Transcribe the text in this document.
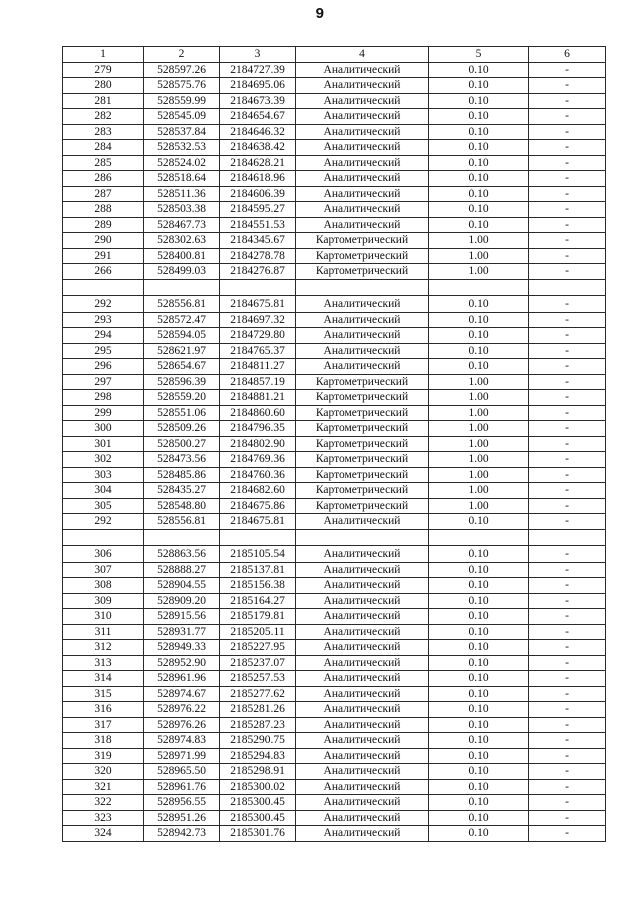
9
1	2	3	4	5	6
279	528597.26	2184727.39	Аналитический	0.10	-
280	528575.76	2184695.06	Аналитический	0.10	-
281	528559.99	2184673.39	Аналитический	0.10	-
282	528545.09	2184654.67	Аналитический	0.10	-
283	528537.84	2184646.32	Аналитический	0.10	-
284	528532.53	2184638.42	Аналитический	0.10	-
285	528524.02	2184628.21	Аналитический	0.10	-
286	528518.64	2184618.96	Аналитический	0.10	-
287	528511.36	2184606.39	Аналитический	0.10	-
288	528503.38	2184595.27	Аналитический	0.10	-
289	528467.73	2184551.53	Аналитический	0.10	-
290	528302.63	2184345.67	Картометрический	1.00	-
291	528400.81	2184278.78	Картометрический	1.00	-
266	528499.03	2184276.87	Картометрический	1.00	-

292	528556.81	2184675.81	Аналитический	0.10	-
293	528572.47	2184697.32	Аналитический	0.10	-
294	528594.05	2184729.80	Аналитический	0.10	-
295	528621.97	2184765.37	Аналитический	0.10	-
296	528654.67	2184811.27	Аналитический	0.10	-
297	528596.39	2184857.19	Картометрический	1.00	-
298	528559.20	2184881.21	Картометрический	1.00	-
299	528551.06	2184860.60	Картометрический	1.00	-
300	528509.26	2184796.35	Картометрический	1.00	-
301	528500.27	2184802.90	Картометрический	1.00	-
302	528473.56	2184769.36	Картометрический	1.00	-
303	528485.86	2184760.36	Картометрический	1.00	-
304	528435.27	2184682.60	Картометрический	1.00	-
305	528548.80	2184675.86	Картометрический	1.00	-
292	528556.81	2184675.81	Аналитический	0.10	-

306	528863.56	2185105.54	Аналитический	0.10	-
307	528888.27	2185137.81	Аналитический	0.10	-
308	528904.55	2185156.38	Аналитический	0.10	-
309	528909.20	2185164.27	Аналитический	0.10	-
310	528915.56	2185179.81	Аналитический	0.10	-
311	528931.77	2185205.11	Аналитический	0.10	-
312	528949.33	2185227.95	Аналитический	0.10	-
313	528952.90	2185237.07	Аналитический	0.10	-
314	528961.96	2185257.53	Аналитический	0.10	-
315	528974.67	2185277.62	Аналитический	0.10	-
316	528976.22	2185281.26	Аналитический	0.10	-
317	528976.26	2185287.23	Аналитический	0.10	-
318	528974.83	2185290.75	Аналитический	0.10	-
319	528971.99	2185294.83	Аналитический	0.10	-
320	528965.50	2185298.91	Аналитический	0.10	-
321	528961.76	2185300.02	Аналитический	0.10	-
322	528956.55	2185300.45	Аналитический	0.10	-
323	528951.26	2185300.45	Аналитический	0.10	-
324	528942.73	2185301.76	Аналитический	0.10	-
